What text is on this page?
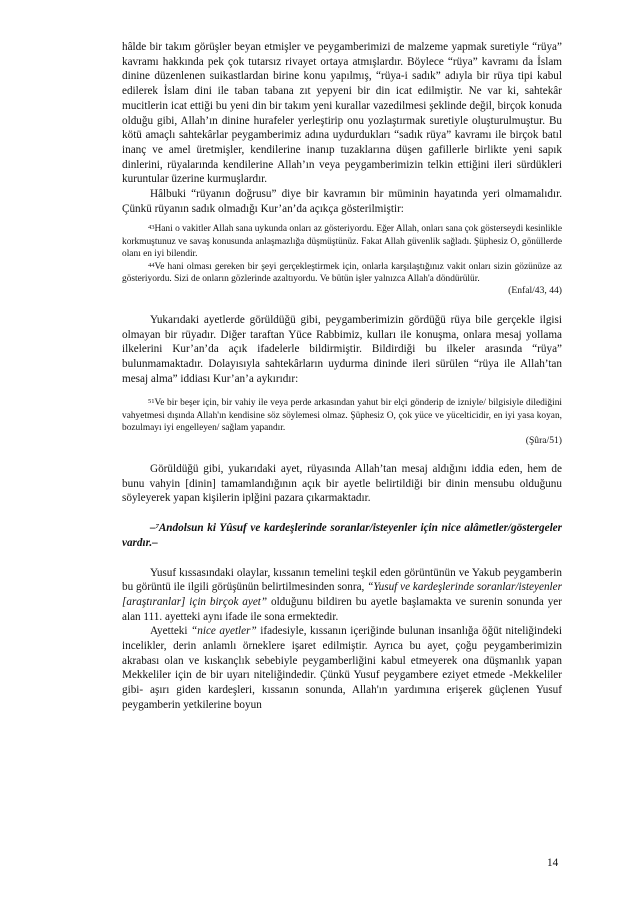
hâlde bir takım görüşler beyan etmişler ve peygamberimizi de malzeme yapmak suretiyle “rüya” kavramı hakkında pek çok tutarsız rivayet ortaya atmışlardır. Böylece “rüya” kavramı da İslam dinine düzenlenen suikastlardan birine konu yapılmış, “rüya-i sadık” adıyla bir rüya tipi kabul edilerek İslam dini ile taban tabana zıt yepyeni bir din icat edilmiştir. Ne var ki, sahtekâr mucitlerin icat ettiği bu yeni din bir takım yeni kurallar vazedilmesi şeklinde değil, birçok konuda olduğu gibi, Allah’ın dinine hurafeler yerleştirip onu yozlaştırmak suretiyle oluşturulmuştur. Bu kötü amaçlı sahtekârlar peygamberimiz adına uydurdukları “sadık rüya” kavramı ile birçok batıl inanç ve amel üretmişler, kendilerine inanıp tuzaklarına düşen gafillerle birlikte yeni sapık dinlerini, rüyalarında kendilerine Allah’ın veya peygamberimizin telkin ettiğini ileri sürdükleri kuruntular üzerine kurmuşlardır.

Hâlbuki “rüyanın doğrusu” diye bir kavramın bir müminin hayatında yeri olmamalıdır. Çünkü rüyanın sadık olmadığı Kur’an’da açıkça gösterilmiştir:

$^{43}$Hani o vakitler Allah sana uykunda onları az gösteriyordu. Eğer Allah, onları sana çok gösterseydi kesinlikle korkmuştunuz ve savaş konusunda anlaşmazlığa düşmüştünüz. Fakat Allah güvenlik sağladı. Şüphesiz O, gönüllerde olanı en iyi bilendir.

$^{44}$Ve hani olması gereken bir şeyi gerçekleştirmek için, onlarla karşılaştığınız vakit onları sizin gözünüze az gösteriyordu. Sizi de onların gözlerinde azaltıyordu. Ve bütün işler yalnızca Allah'a döndürülür.

(Enfal/43, 44)

Yukarıdaki ayetlerde görüldüğü gibi, peygamberimizin gördüğü rüya bile gerçekle ilgisi olmayan bir rüyadır. Diğer taraftan Yüce Rabbimiz, kulları ile konuşma, onlara mesaj yollama ilkelerini Kur’an’da açık ifadelerle bildirmiştir. Bildirdiği bu ilkeler arasında “rüya” bulunmamaktadır. Dolayısıyla sahtekârların uydurma dininde ileri sürülen “rüya ile Allah’tan mesaj alma” iddiası Kur’an’a aykırıdır:

$^{51}$Ve bir beşer için, bir vahiy ile veya perde arkasından yahut bir elçi gönderip de izniyle/ bilgisiyle dilediğini vahyetmesi dışında Allah'ın kendisine söz söylemesi olmaz. Şüphesiz O, çok yüce ve yücelticidir, en iyi yasa koyan, bozulmayı iyi engelleyen/ sağlam yapandır.

(Şûra/51)

Görüldüğü gibi, yukarıdaki ayet, rüyasında Allah’tan mesaj aldığını iddia eden, hem de bunu vahyin [dinin] tamamlandığının açık bir ayetle belirtildiği bir dinin mensubu olduğunu söyleyerek yapan kişilerin iplğini pazara çıkarmaktadır.

–$^7$Andolsun ki Yûsuf ve kardeşlerinde soranlar/isteyenler için nice alâmetler/göstergeler vardır.–

Yusuf kıssasındaki olaylar, kıssanın temelini teşkil eden görüntünün ve Yakub peygamberin bu görüntü ile ilgili görüşünün belirtilmesinden sonra, “Yusuf ve kardeşlerinde soranlar/isteyenler [araştıranlar] için birçok ayet” olduğunu bildiren bu ayetle başlamakta ve surenin sonunda yer alan 111. ayetteki aynı ifade ile sona ermektedir.

Ayetteki “nice ayetler” ifadesiyle, kıssanın içeriğinde bulunan insanlığa öğüt niteliğindeki incelikler, derin anlamlı örneklere işaret edilmiştir. Ayrıca bu ayet, çoğu peygamberimizin akrabası olan ve kıskançlık sebebiyle peygamberliğini kabul etmeyerek ona düşmanlık yapan Mekkeliler için de bir uyarı niteliğindedir. Çünkü Yusuf peygambere eziyet etmede -Mekkeliler gibi- aşırı giden kardeşleri, kıssanın sonunda, Allah'ın yardımına erişerek güçlenen Yusuf peygamberin yetkilerine boyun

14
